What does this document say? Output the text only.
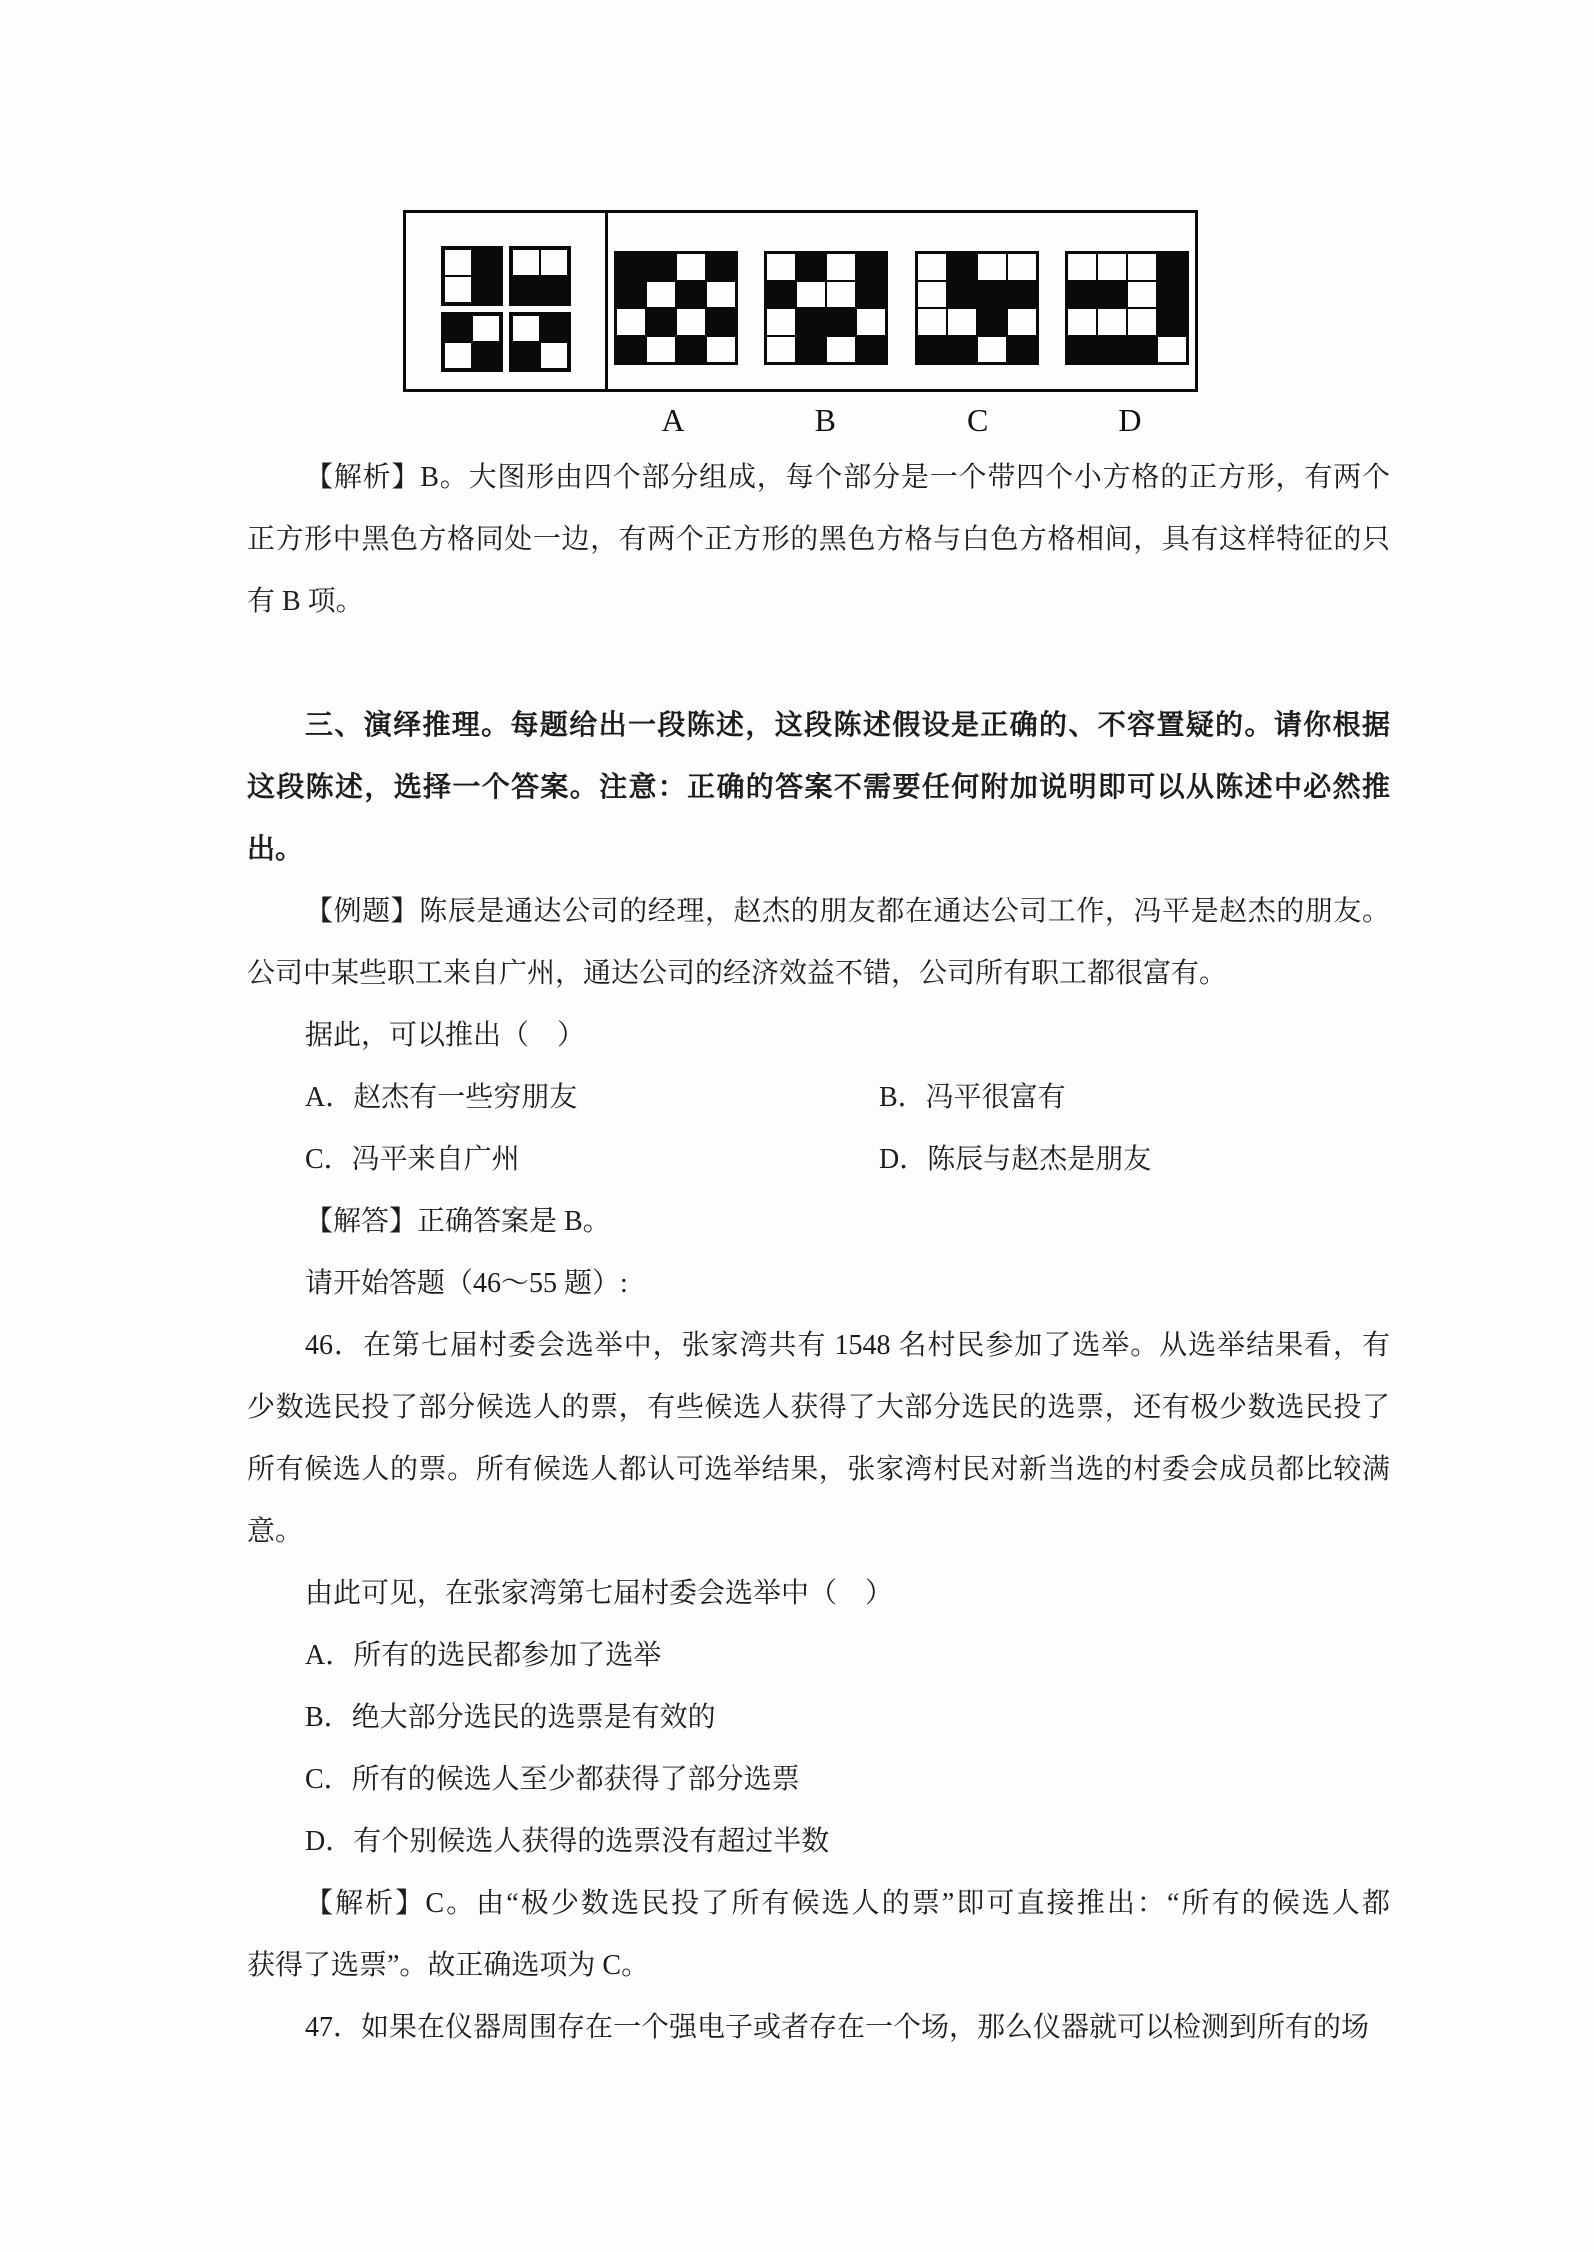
A	B	C	D
【解析】B。大图形由四个部分组成，每个部分是一个带四个小方格的正方形，有两个
正方形中黑色方格同处一边，有两个正方形的黑色方格与白色方格相间，具有这样特征的只
有 B 项。
三、演绎推理。每题给出一段陈述，这段陈述假设是正确的、不容置疑的。请你根据
这段陈述，选择一个答案。注意：正确的答案不需要任何附加说明即可以从陈述中必然推
出。
【例题】陈辰是通达公司的经理，赵杰的朋友都在通达公司工作，冯平是赵杰的朋友。
公司中某些职工来自广州，通达公司的经济效益不错，公司所有职工都很富有。
据此，可以推出（　）
A．赵杰有一些穷朋友	B．冯平很富有
C．冯平来自广州	D．陈辰与赵杰是朋友
【解答】正确答案是 B。
请开始答题（46～55 题）:
46．在第七届村委会选举中，张家湾共有 1548 名村民参加了选举。从选举结果看，有
少数选民投了部分候选人的票，有些候选人获得了大部分选民的选票，还有极少数选民投了
所有候选人的票。所有候选人都认可选举结果，张家湾村民对新当选的村委会成员都比较满
意。
由此可见，在张家湾第七届村委会选举中（　）
A．所有的选民都参加了选举
B．绝大部分选民的选票是有效的
C．所有的候选人至少都获得了部分选票
D．有个别候选人获得的选票没有超过半数
【解析】C。由“极少数选民投了所有候选人的票”即可直接推出：“所有的候选人都
获得了选票”。故正确选项为 C。
47．如果在仪器周围存在一个强电子或者存在一个场，那么仪器就可以检测到所有的场
